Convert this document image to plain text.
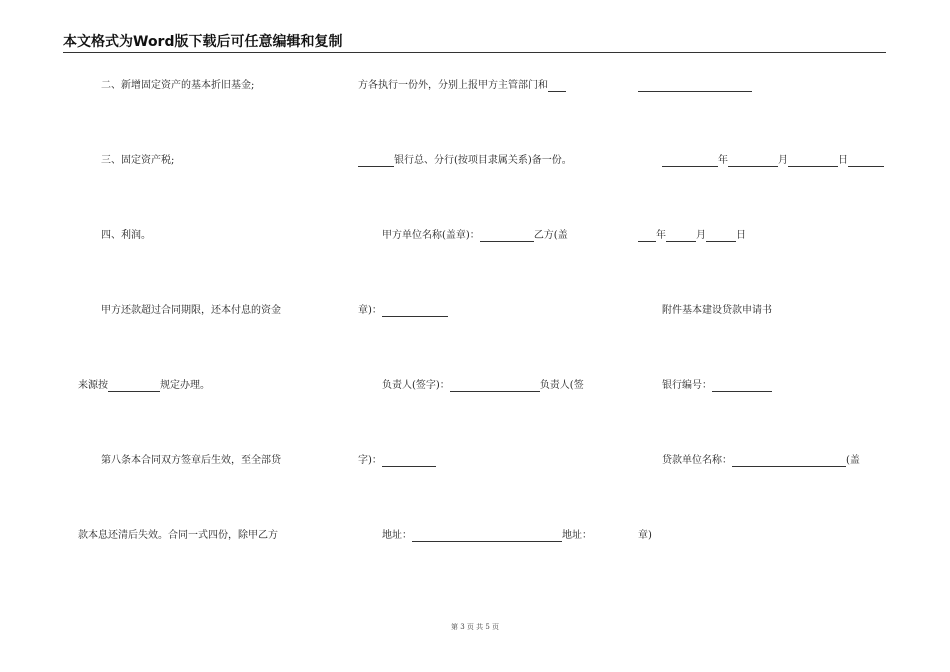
本文格式为Word版下载后可任意编辑和复制
二、新增固定资产的基本折旧基金;
三、固定资产税;
四、利润。
甲方还款超过合同期限，还本付息的资金
来源按	规定办理。
第八条本合同双方签章后生效，至全部贷
款本息还清后失效。合同一式四份，除甲乙方
方各执行一份外，分别上报甲方主管部门和
银行总、分行(按项目隶属关系)备一份。
甲方单位名称(盖章)：	乙方(盖
章)：
负责人(签字)：	负责人(签
字)：
地址：	地址：
年	月	日
年	月	日
附件基本建设贷款申请书
银行编号：
贷款单位名称：	(盖
章)
第 3 页 共 5 页
